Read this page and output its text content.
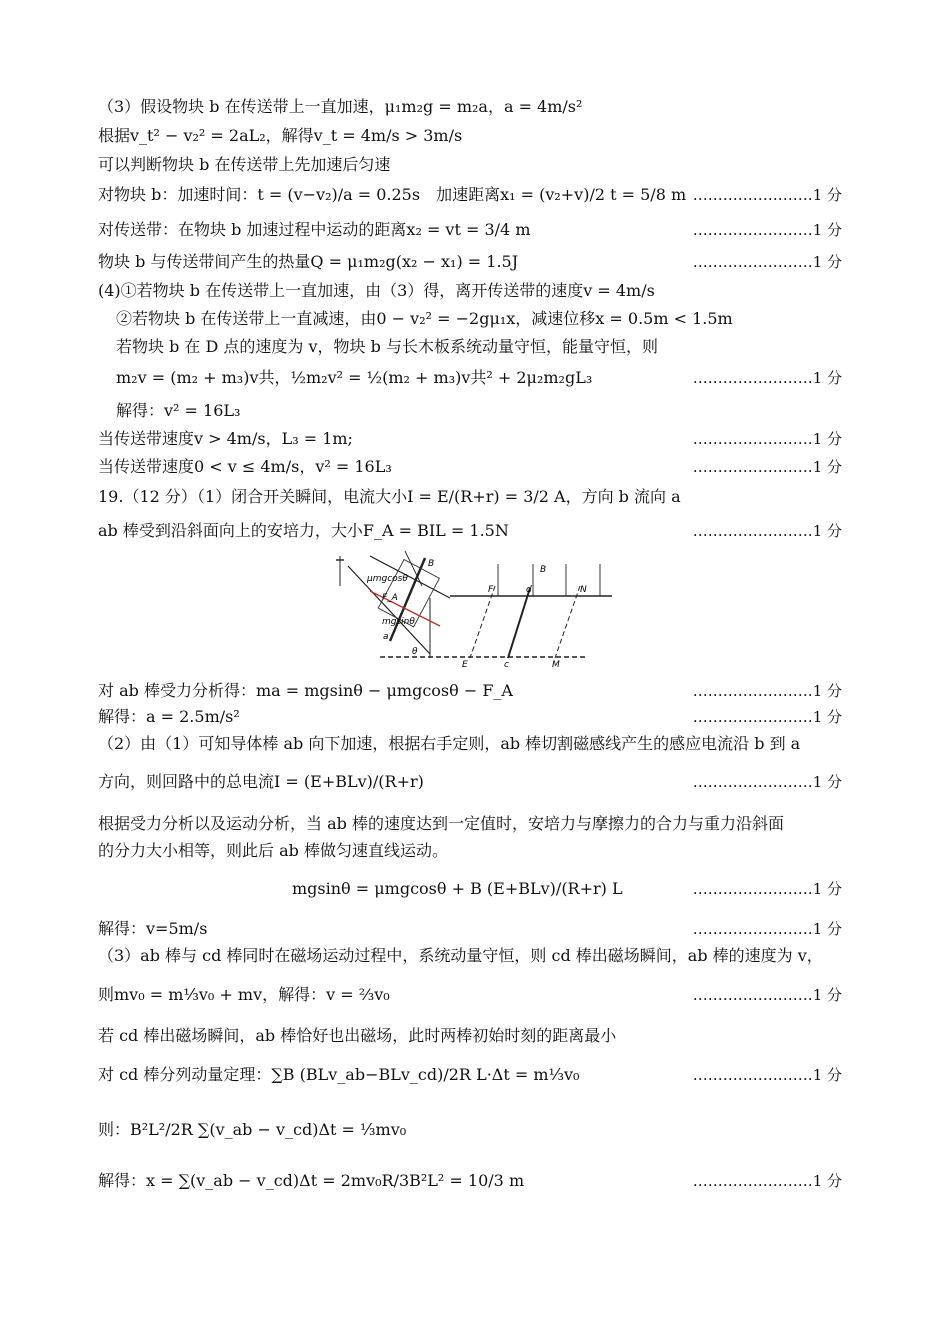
（3）假设物块 b 在传送带上一直加速，μ₁m₂g = m₂a，a = 4m/s²
根据v_t² − v₂² = 2aL₂，解得v_t = 4m/s > 3m/s
可以判断物块 b 在传送带上先加速后匀速
对物块 b：加速时间：t = (v−v₂)/a = 0.25s　加速距离x₁ = (v₂+v)/2 t = 5/8 m ……………………1 分
对传送带：在物块 b 加速过程中运动的距离x₂ = vt = 3/4 m	……………………1 分
物块 b 与传送带间产生的热量Q = μ₁m₂g(x₂ − x₁) = 1.5J	……………………1 分
(4)①若物块 b 在传送带上一直加速，由（3）得，离开传送带的速度v = 4m/s
②若物块 b 在传送带上一直减速，由0 − v₂² = −2gμ₁x，减速位移x = 0.5m < 1.5m
若物块 b 在 D 点的速度为 v，物块 b 与长木板系统动量守恒，能量守恒，则
m₂v = (m₂ + m₃)v共，½m₂v² = ½(m₂ + m₃)v共² + 2μ₂m₂gL₃	……………………1 分
解得：v² = 16L₃
当传送带速度v > 4m/s，L₃ = 1m;	……………………1 分
当传送带速度0 < v ≤ 4m/s，v² = 16L₃	……………………1 分
19.（12 分）（1）闭合开关瞬间，电流大小I = E/(R+r) = 3/2 A，方向 b 流向 a
ab 棒受到沿斜面向上的安培力，大小F_A = BIL = 1.5N	……………………1 分
对 ab 棒受力分析得：ma = mgsinθ − μmgcosθ − F_A	……………………1 分
解得：a = 2.5m/s²	……………………1 分
（2）由（1）可知导体棒 ab 向下加速，根据右手定则，ab 棒切割磁感线产生的感应电流沿 b 到 a
方向，则回路中的总电流I = (E+BLv)/(R+r)	……………………1 分
根据受力分析以及运动分析，当 ab 棒的速度达到一定值时，安培力与摩擦力的合力与重力沿斜面
的分力大小相等，则此后 ab 棒做匀速直线运动。
mgsinθ = μmgcosθ + B (E+BLv)/(R+r) L	……………………1 分
解得：v=5m/s	……………………1 分
（3）ab 棒与 cd 棒同时在磁场运动过程中，系统动量守恒，则 cd 棒出磁场瞬间，ab 棒的速度为 v，
则mv₀ = m⅓v₀ + mv，解得：v = ⅔v₀	……………………1 分
若 cd 棒出磁场瞬间，ab 棒恰好也出磁场，此时两棒初始时刻的距离最小
对 cd 棒分列动量定理：∑B (BLv_ab−BLv_cd)/2R L·Δt = m⅓v₀	……………………1 分
则：B²L²/2R ∑(v_ab − v_cd)Δt = ⅓mv₀
解得：x = ∑(v_ab − v_cd)Δt = 2mv₀R/3B²L² = 10/3 m	……………………1 分
B
B
F	d	N
E	c	M
a
θ
μmgcosθ
F_A
mgsinθ
